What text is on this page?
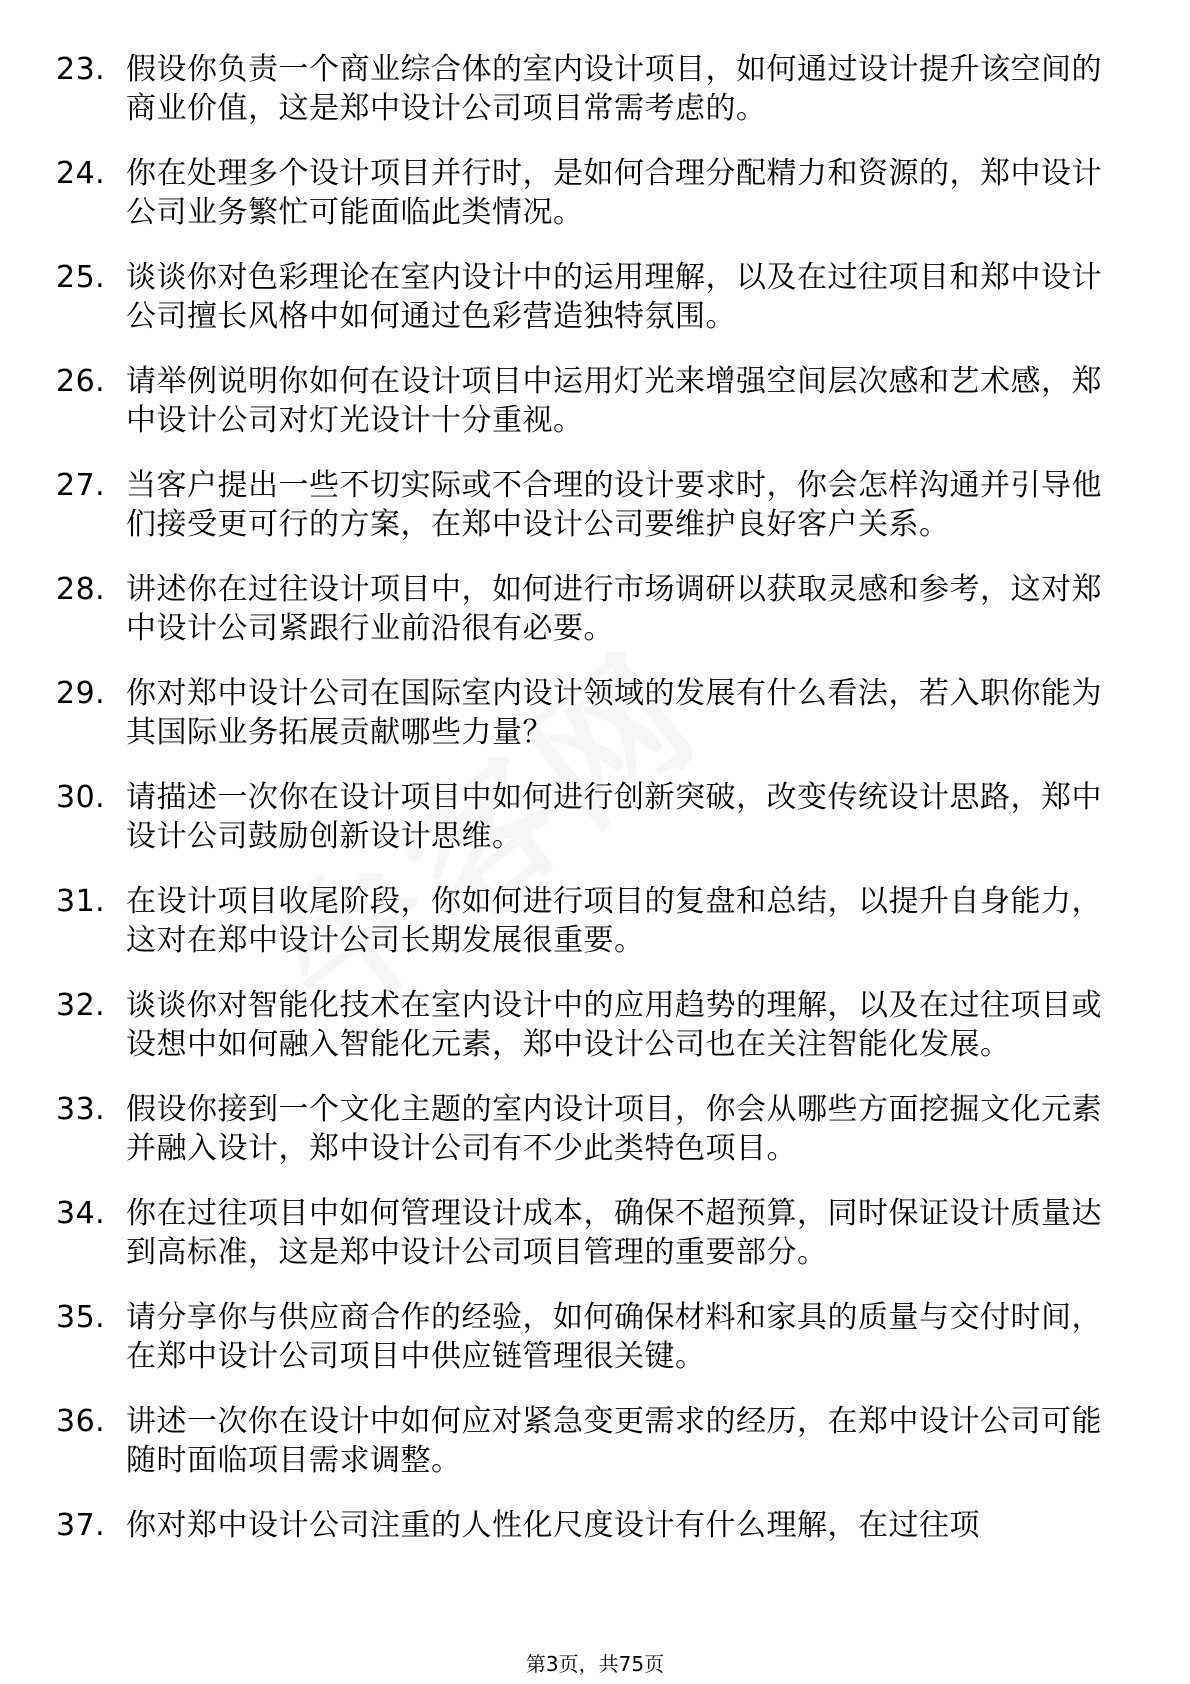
23. 假设你负责一个商业综合体的室内设计项目，如何通过设计提升该空间的商业价值，这是郑中设计公司项目常需考虑的。
24. 你在处理多个设计项目并行时，是如何合理分配精力和资源的，郑中设计公司业务繁忙可能面临此类情况。
25. 谈谈你对色彩理论在室内设计中的运用理解，以及在过往项目和郑中设计公司擅长风格中如何通过色彩营造独特氛围。
26. 请举例说明你如何在设计项目中运用灯光来增强空间层次感和艺术感，郑中设计公司对灯光设计十分重视。
27. 当客户提出一些不切实际或不合理的设计要求时，你会怎样沟通并引导他们接受更可行的方案，在郑中设计公司要维护良好客户关系。
28. 讲述你在过往设计项目中，如何进行市场调研以获取灵感和参考，这对郑中设计公司紧跟行业前沿很有必要。
29. 你对郑中设计公司在国际室内设计领域的发展有什么看法，若入职你能为其国际业务拓展贡献哪些力量？
30. 请描述一次你在设计项目中如何进行创新突破，改变传统设计思路，郑中设计公司鼓励创新设计思维。
31. 在设计项目收尾阶段，你如何进行项目的复盘和总结，以提升自身能力，这对在郑中设计公司长期发展很重要。
32. 谈谈你对智能化技术在室内设计中的应用趋势的理解，以及在过往项目或设想中如何融入智能化元素，郑中设计公司也在关注智能化发展。
33. 假设你接到一个文化主题的室内设计项目，你会从哪些方面挖掘文化元素并融入设计，郑中设计公司有不少此类特色项目。
34. 你在过往项目中如何管理设计成本，确保不超预算，同时保证设计质量达到高标准，这是郑中设计公司项目管理的重要部分。
35. 请分享你与供应商合作的经验，如何确保材料和家具的质量与交付时间，在郑中设计公司项目中供应链管理很关键。
36. 讲述一次你在设计中如何应对紧急变更需求的经历，在郑中设计公司可能随时面临项目需求调整。
37. 你对郑中设计公司注重的人性化尺度设计有什么理解，在过往项
第3页，共75页
